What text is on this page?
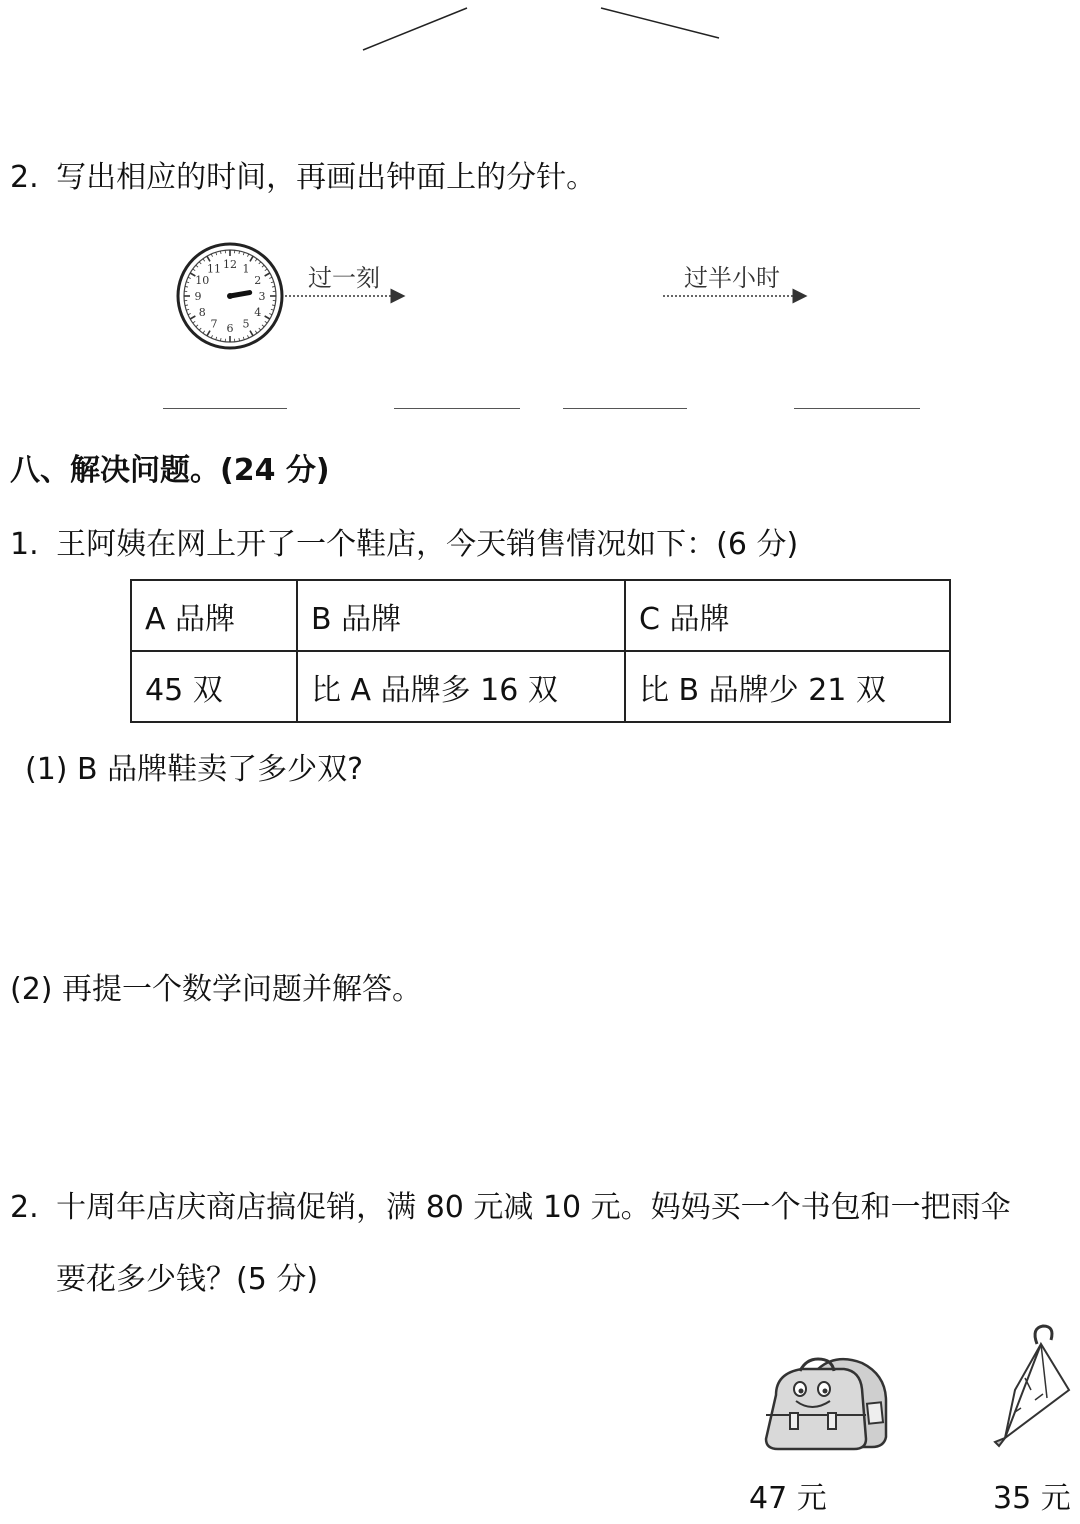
2. 写出相应的时间，再画出钟面上的分针。
12 1
2
3
4
5
6
7
8
9
10
11	过一刻	过半小时
八、解决问题。(24 分)
1. 王阿姨在网上开了一个鞋店，今天销售情况如下：(6 分)
A 品牌	B 品牌	C 品牌
45 双	比 A 品牌多 16 双	比 B 品牌少 21 双
(1) B 品牌鞋卖了多少双?
(2) 再提一个数学问题并解答。
2. 十周年店庆商店搞促销，满 80 元减 10 元。妈妈买一个书包和一把雨伞
要花多少钱？(5 分)
47 元	35 元
